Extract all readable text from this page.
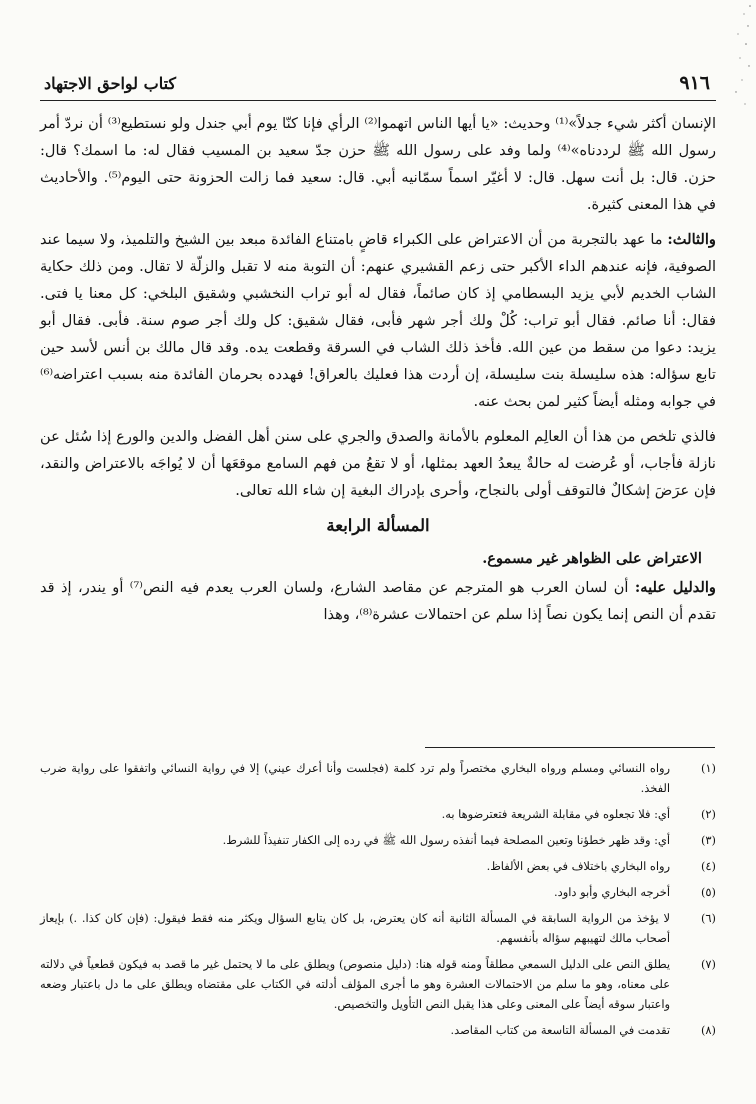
٩١٦
كتاب لواحق الاجتهاد

الإنسان أكثر شيء جدلاً»⁽¹⁾ وحديث: «يا أيها الناس اتهموا⁽²⁾ الرأي فإنا كنّا يوم أبي جندل ولو نستطيع⁽³⁾ أن نردّ أمر رسول الله ﷺ لرددناه»⁽⁴⁾ ولما وفد على رسول الله ﷺ حزن جدّ سعيد بن المسيب فقال له: ما اسمك؟ قال: حزن. قال: بل أنت سهل. قال: لا أغيّر اسماً سمّانيه أبي. قال: سعيد فما زالت الحزونة حتى اليوم⁽⁵⁾. والأحاديث في هذا المعنى كثيرة.

والثالث: ما عهد بالتجربة من أن الاعتراض على الكبراء قاضٍ بامتناع الفائدة مبعد بين الشيخ والتلميذ، ولا سيما عند الصوفية، فإنه عندهم الداء الأكبر حتى زعم القشيري عنهم: أن التوبة منه لا تقبل والزلّة لا تقال. ومن ذلك حكاية الشاب الخديم لأبي يزيد البسطامي إذ كان صائماً، فقال له أبو تراب النخشبي وشقيق البلخي: كل معنا يا فتى. فقال: أنا صائم. فقال أبو تراب: كُلْ ولك أجر شهر فأبى، فقال شقيق: كل ولك أجر صوم سنة. فأبى. فقال أبو يزيد: دعوا من سقط من عين الله. فأخذ ذلك الشاب في السرقة وقطعت يده. وقد قال مالك بن أنس لأسد حين تابع سؤاله: هذه سليسلة بنت سليسلة، إن أردت هذا فعليك بالعراق! فهدده بحرمان الفائدة منه بسبب اعتراضه⁽⁶⁾ في جوابه ومثله أيضاً كثير لمن بحث عنه.

فالذي تلخص من هذا أن العالِم المعلوم بالأمانة والصدق والجري على سنن أهل الفضل والدين والورع إذا سُئل عن نازلة فأجاب، أو عُرضت له حالةٌ يبعدُ العهد بمثلها، أو لا تقعُ من فهم السامع موقعَها أن لا يُواجَه بالاعتراض والنقد، فإن عرَضَ إشكالٌ فالتوقف أولى بالنجاح، وأحرى بإدراك البغية إن شاء الله تعالى.

المسألة الرابعة

الاعتراض على الظواهر غير مسموع.

والدليل عليه: أن لسان العرب هو المترجم عن مقاصد الشارع، ولسان العرب يعدم فيه النص⁽⁷⁾ أو يندر، إذ قد تقدم أن النص إنما يكون نصاً إذا سلم عن احتمالات عشرة⁽⁸⁾، وهذا

(١)
رواه النسائي ومسلم ورواه البخاري مختصراً ولم ترد كلمة (فجلست وأنا أعرك عيني) إلا في رواية النسائي واتفقوا على رواية ضرب الفخذ.
(٢)
أي: فلا تجعلوه في مقابلة الشريعة فتعترضوها به.
(٣)
أي: وقد ظهر خطؤنا وتعين المصلحة فيما أنفذه رسول الله ﷺ في رده إلى الكفار تنفيذاً للشرط.
(٤)
رواه البخاري باختلاف في بعض الألفاظ.
(٥)
أخرجه البخاري وأبو داود.
(٦)
لا يؤخذ من الرواية السابقة في المسألة الثانية أنه كان يعترض، بل كان يتابع السؤال ويكثر منه فقط فيقول: (فإن كان كذا. .) بإيعاز أصحاب مالك لتهيبهم سؤاله بأنفسهم.
(٧)
يطلق النص على الدليل السمعي مطلقاً ومنه قوله هنا: (دليل منصوص) ويطلق على ما لا يحتمل غير ما قصد به فيكون قطعياً في دلالته على معناه، وهو ما سلم من الاحتمالات العشرة وهو ما أجرى المؤلف أدلته في الكتاب على مقتضاه ويطلق على ما دل باعتبار وضعه واعتبار سوقه أيضاً على المعنى وعلى هذا يقبل النص التأويل والتخصيص.
(٨)
تقدمت في المسألة التاسعة من كتاب المقاصد.
